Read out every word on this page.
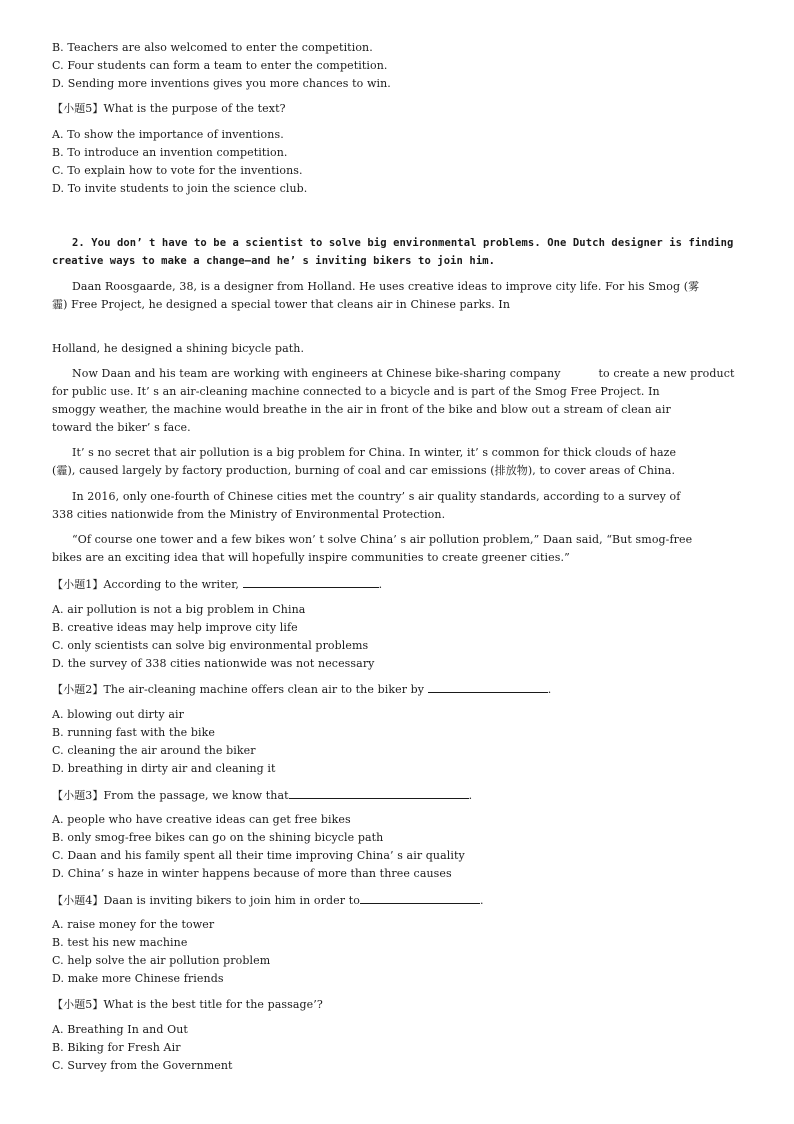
B. Teachers are also welcomed to enter the competition.
C. Four students can form a team to enter the competition.
D. Sending more inventions gives you more chances to win.
【小题5】What is the purpose of the text?
A. To show the importance of inventions.
B. To introduce an invention competition.
C. To explain how to vote for the inventions.
D. To invite students to join the science club.
2. You don’ t have to be a scientist to solve big environmental problems. One Dutch designer is finding
creative ways to make a change—and he’ s inviting bikers to join him.
Daan Roosgaarde, 38, is a designer from Holland. He uses creative ideas to improve city life. For his Smog (雾
霾) Free Project, he designed a special tower that cleans air in Chinese parks. In
Holland, he designed a shining bicycle path.
Now Daan and his team are working with engineers at Chinese bike-sharing company	to create a new product
for public use. It’ s an air-cleaning machine connected to a bicycle and is part of the Smog Free Project. In
smoggy weather, the machine would breathe in the air in front of the bike and blow out a stream of clean air
toward the biker’ s face.
It’ s no secret that air pollution is a big problem for China. In winter, it’ s common for thick clouds of haze
(霾), caused largely by factory production, burning of coal and car emissions (排放物), to cover areas of China.
In 2016, only one-fourth of Chinese cities met the country’ s air quality standards, according to a survey of
338 cities nationwide from the Ministry of Environmental Protection.
“Of course one tower and a few bikes won’ t solve China’ s air pollution problem,” Daan said, “But smog-free
bikes are an exciting idea that will hopefully inspire communities to create greener cities.”
【小题1】According to the writer,	.
A. air pollution is not a big problem in China
B. creative ideas may help improve city life
C. only scientists can solve big environmental problems
D. the survey of 338 cities nationwide was not necessary
【小题2】The air-cleaning machine offers clean air to the biker by	.
A. blowing out dirty air
B. running fast with the bike
C. cleaning the air around the biker
D. breathing in dirty air and cleaning it
【小题3】From the passage, we know that	.
A. people who have creative ideas can get free bikes
B. only smog-free bikes can go on the shining bicycle path
C. Daan and his family spent all their time improving China’ s air quality
D. China’ s haze in winter happens because of more than three causes
【小题4】Daan is inviting bikers to join him in order to	.
A. raise money for the tower
B. test his new machine
C. help solve the air pollution problem
D. make more Chinese friends
【小题5】What is the best title for the passage’?
A. Breathing In and Out
B. Biking for Fresh Air
C. Survey from the Government
